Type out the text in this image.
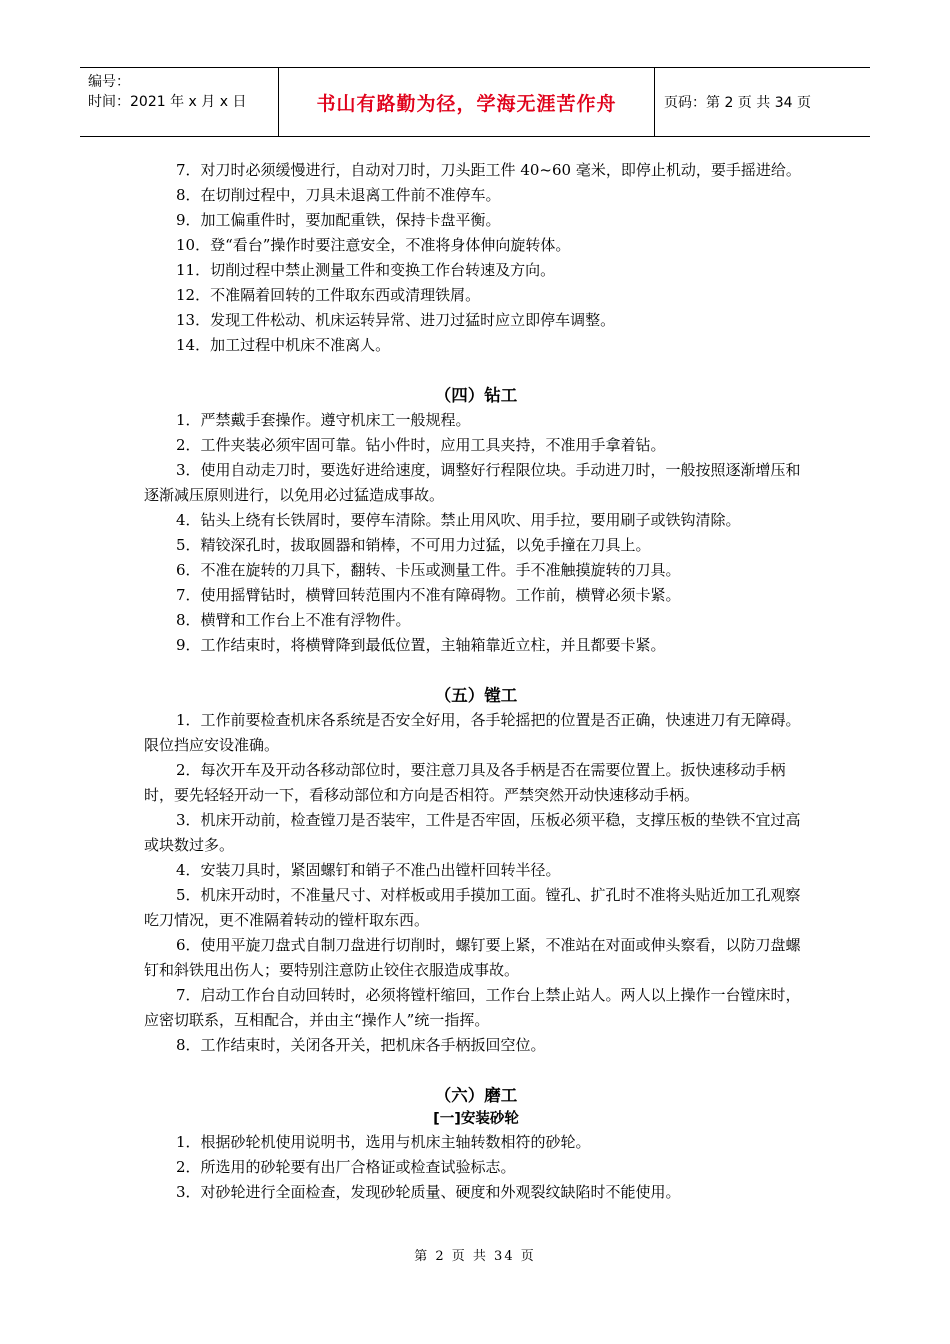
编号：
时间：2021 年 x 月 x 日	书山有路勤为径，学海无涯苦作舟	页码：第 2 页 共 34 页

7．对刀时必须缓慢进行，自动对刀时，刀头距工件 40~60 毫米，即停止机动，要手摇进给。

8．在切削过程中，刀具未退离工件前不准停车。

9．加工偏重件时，要加配重铁，保持卡盘平衡。

10．登“看台”操作时要注意安全，不准将身体伸向旋转体。

11．切削过程中禁止测量工件和变换工作台转速及方向。

12．不准隔着回转的工件取东西或清理铁屑。

13．发现工件松动、机床运转异常、进刀过猛时应立即停车调整。

14．加工过程中机床不准离人。

（四）钻工

1．严禁戴手套操作。遵守机床工一般规程。

2．工件夹装必须牢固可靠。钻小件时，应用工具夹持，不准用手拿着钻。

3．使用自动走刀时，要选好进给速度，调整好行程限位块。手动进刀时，一般按照逐渐增压和逐渐减压原则进行，以免用必过猛造成事故。

4．钻头上绕有长铁屑时，要停车清除。禁止用风吹、用手拉，要用刷子或铁钩清除。

5．精铰深孔时，拔取圆器和销棒，不可用力过猛，以免手撞在刀具上。

6．不准在旋转的刀具下，翻转、卡压或测量工件。手不准触摸旋转的刀具。

7．使用摇臂钻时，横臂回转范围内不准有障碍物。工作前，横臂必须卡紧。

8．横臂和工作台上不准有浮物件。

9．工作结束时，将横臂降到最低位置，主轴箱靠近立柱，并且都要卡紧。

（五）镗工

1．工作前要检查机床各系统是否安全好用，各手轮摇把的位置是否正确，快速进刀有无障碍。限位挡应安设准确。

2．每次开车及开动各移动部位时，要注意刀具及各手柄是否在需要位置上。扳快速移动手柄时，要先轻轻开动一下，看移动部位和方向是否相符。严禁突然开动快速移动手柄。

3．机床开动前，检查镗刀是否装牢，工件是否牢固，压板必须平稳，支撑压板的垫铁不宜过高或块数过多。

4．安装刀具时，紧固螺钉和销子不准凸出镗杆回转半径。

5．机床开动时，不准量尺寸、对样板或用手摸加工面。镗孔、扩孔时不准将头贴近加工孔观察吃刀情况，更不准隔着转动的镗杆取东西。

6．使用平旋刀盘式自制刀盘进行切削时，螺钉要上紧，不准站在对面或伸头察看，以防刀盘螺钉和斜铁甩出伤人；要特别注意防止铰住衣服造成事故。

7．启动工作台自动回转时，必须将镗杆缩回，工作台上禁止站人。两人以上操作一台镗床时，应密切联系，互相配合，并由主“操作人”统一指挥。

8．工作结束时，关闭各开关，把机床各手柄扳回空位。

（六）磨工

[一]安装砂轮

1．根据砂轮机使用说明书，选用与机床主轴转数相符的砂轮。

2．所选用的砂轮要有出厂合格证或检查试验标志。

3．对砂轮进行全面检查，发现砂轮质量、硬度和外观裂纹缺陷时不能使用。

第 2 页 共 34 页
